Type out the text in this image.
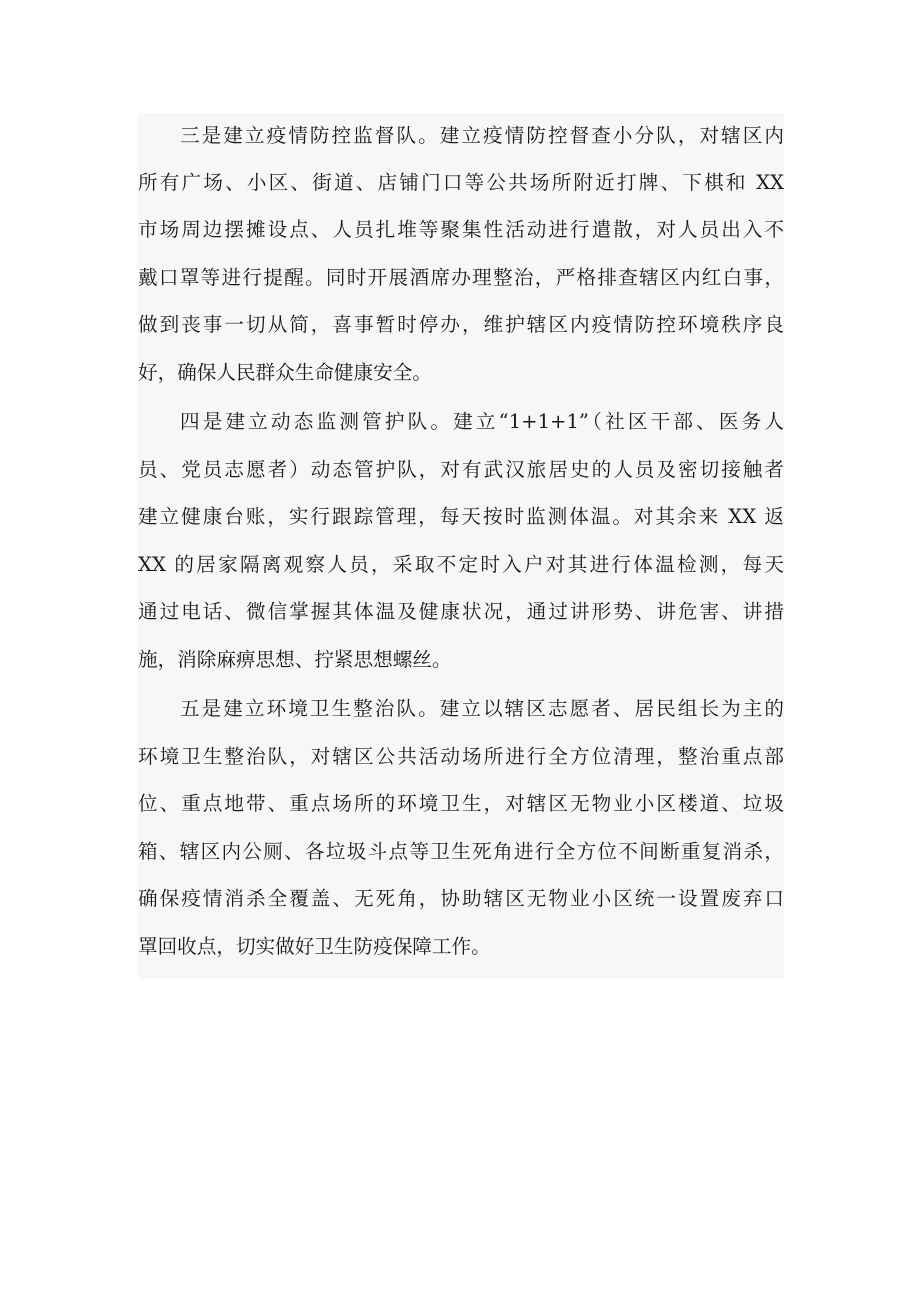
三是建立疫情防控监督队。建立疫情防控督查小分队，对辖区内
所有广场、小区、街道、店铺门口等公共场所附近打牌、下棋和 XX
市场周边摆摊设点、人员扎堆等聚集性活动进行遣散，对人员出入不
戴口罩等进行提醒。同时开展酒席办理整治，严格排查辖区内红白事，
做到丧事一切从简，喜事暂时停办，维护辖区内疫情防控环境秩序良
好，确保人民群众生命健康安全。
四是建立动态监测管护队。建立“1+1+1”（社区干部、医务人
员、党员志愿者）动态管护队，对有武汉旅居史的人员及密切接触者
建立健康台账，实行跟踪管理，每天按时监测体温。对其余来 XX 返
XX 的居家隔离观察人员，采取不定时入户对其进行体温检测，每天
通过电话、微信掌握其体温及健康状况，通过讲形势、讲危害、讲措
施，消除麻痹思想、拧紧思想螺丝。
五是建立环境卫生整治队。建立以辖区志愿者、居民组长为主的
环境卫生整治队，对辖区公共活动场所进行全方位清理，整治重点部
位、重点地带、重点场所的环境卫生，对辖区无物业小区楼道、垃圾
箱、辖区内公厕、各垃圾斗点等卫生死角进行全方位不间断重复消杀，
确保疫情消杀全覆盖、无死角，协助辖区无物业小区统一设置废弃口
罩回收点，切实做好卫生防疫保障工作。
